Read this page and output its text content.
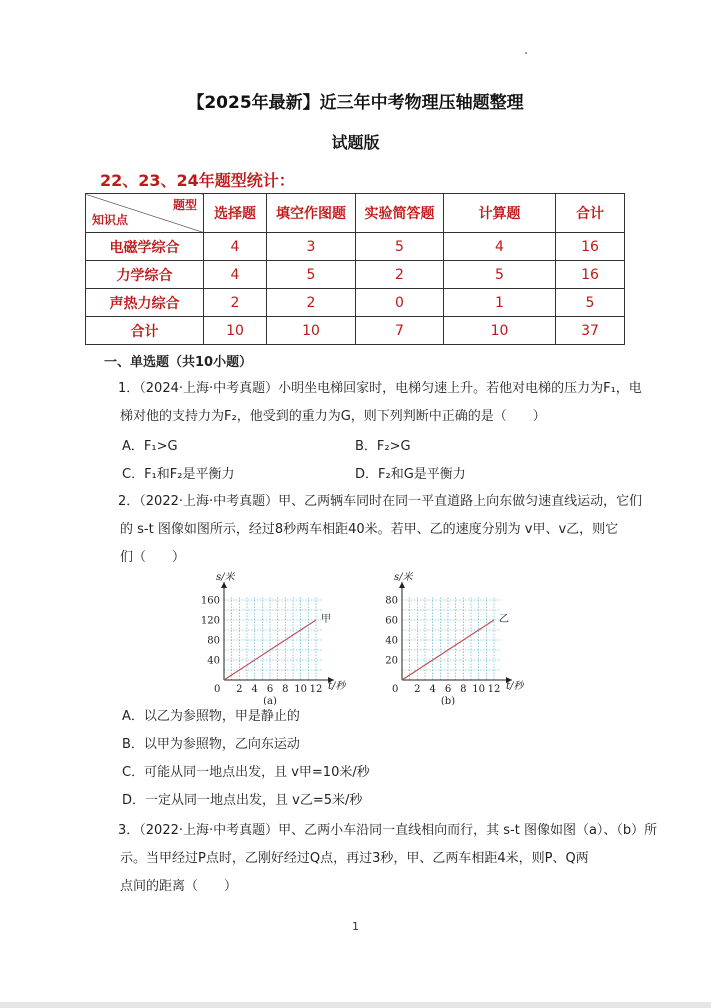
【2025年最新】近三年中考物理压轴题整理
试题版
22、23、24年题型统计：
题型
知识点	选择题	填空作图题	实验简答题	计算题	合计
电磁学综合	4	3	5	4	16
力学综合	4	5	2	5	16
声热力综合	2	2	0	1	5
合计	10	10	7	10	37
一、单选题（共10小题）
1．（2024·上海·中考真题）小明坐电梯回家时，电梯匀速上升。若他对电梯的压力为F₁，电
梯对他的支持力为F₂，他受到的重力为G，则下列判断中正确的是（　　）
A．F₁>G	B．F₂>G
C．F₁和F₂是平衡力	D．F₂和G是平衡力
2．（2022·上海·中考真题）甲、乙两辆车同时在同一平直道路上向东做匀速直线运动，它们
的 s-t 图像如图所示，经过8秒两车相距40米。若甲、乙的速度分别为 v甲、v乙，则它
们（　　）
s/米
t/秒
0 2 4 6 8 10 12
40
80
120
160
甲
(a)
s/米
t/秒
0 2 4 6 8 10 12
20
40
60
80
乙
(b)
A．以乙为参照物，甲是静止的
B．以甲为参照物，乙向东运动
C．可能从同一地点出发，且 v甲=10米/秒
D．一定从同一地点出发，且 v乙=5米/秒
3．（2022·上海·中考真题）甲、乙两小车沿同一直线相向而行，其 s-t 图像如图（a）、（b）所
示。当甲经过P点时，乙刚好经过Q点，再过3秒，甲、乙两车相距4米，则P、Q两
点间的距离（　　）
1
